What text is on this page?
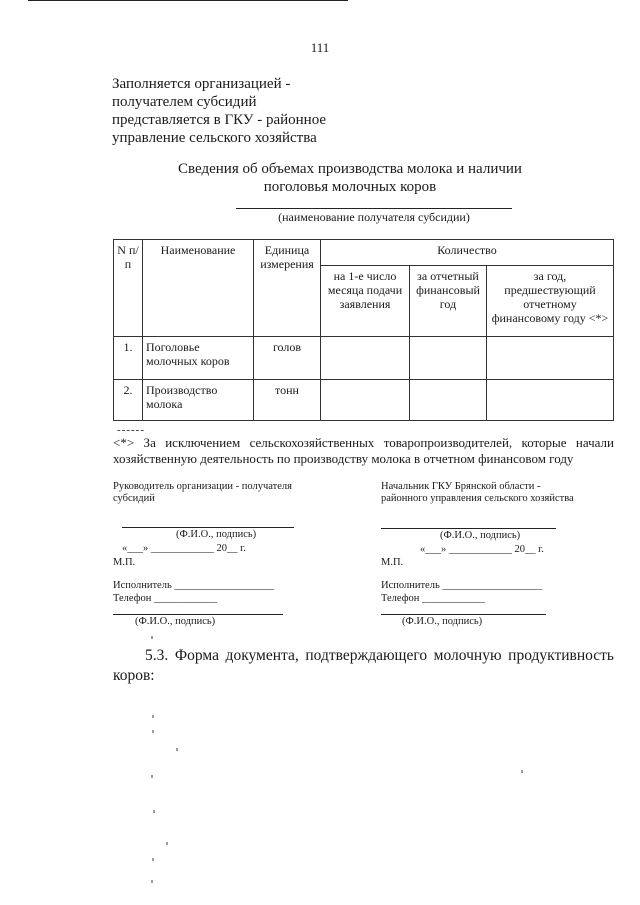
111
Заполняется организацией -
получателем субсидий
представляется в ГКУ - районное
управление сельского хозяйства
Сведения об объемах производства молока и наличии поголовья молочных коров
(наименование получателя субсидии)
N п/п	Наименование	Единица измерения	Количество		
			на 1-е число месяца подачи заявления	за отчетный финансовый год	за год, предшествующий отчетному финансовому году <*>
1.	Поголовье молочных коров	голов			
2.	Производство молока	тонн			
------
<*> За исключением сельскохозяйственных товаропроизводителей, которые начали хозяйственную деятельность по производству молока в отчетном финансовом году
Руководитель организации - получателя субсидий
(Ф.И.О., подпись)
«___» ____________ 20__ г.
М.П.
Исполнитель ___________________
Телефон ____________
(Ф.И.О., подпись)
Начальник ГКУ Брянской области - районного управления сельского хозяйства
(Ф.И.О., подпись)
«___» ____________ 20__ г.
М.П.
Исполнитель ___________________
Телефон ____________
(Ф.И.О., подпись)
5.3. Форма документа, подтверждающего молочную продуктивность коров:
